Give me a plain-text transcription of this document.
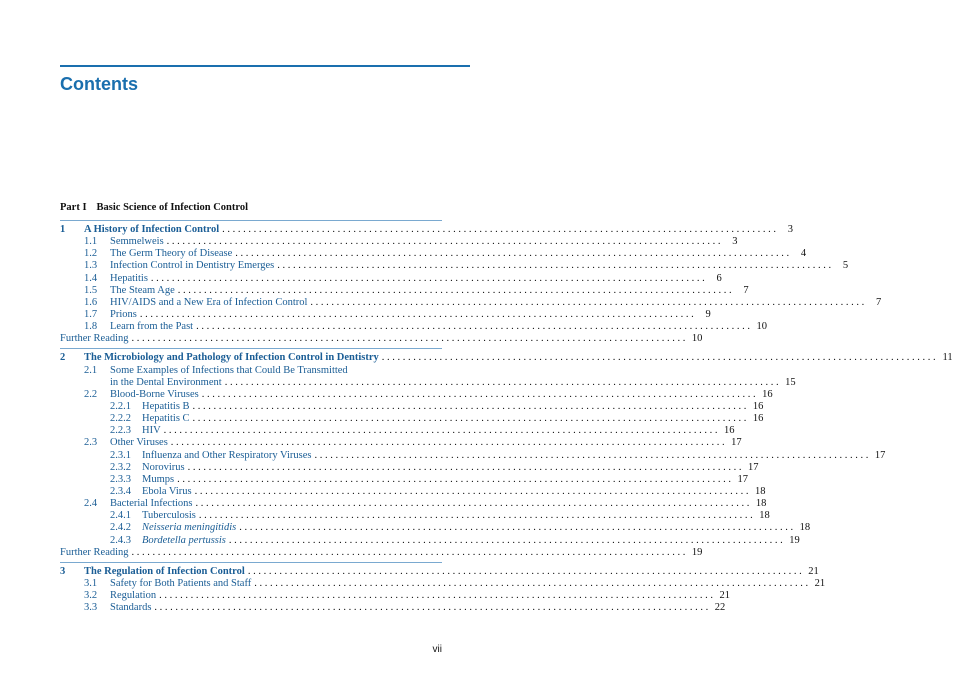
Contents
Part I Basic Science of Infection Control
1	A History of Infection Control . . .	3
1.1	Semmelweis . . .	3
1.2	The Germ Theory of Disease . . .	4
1.3	Infection Control in Dentistry Emerges . . .	5
1.4	Hepatitis . . .	6
1.5	The Steam Age . . .	7
1.6	HIV/AIDS and a New Era of Infection Control . . .	7
1.7	Prions . . .	9
1.8	Learn from the Past . . .	10
Further Reading . . .	10
2	The Microbiology and Pathology of Infection Control in Dentistry . . .	11
2.1	Some Examples of Infections that Could Be Transmitted
in the Dental Environment . . .	15
2.2	Blood-Borne Viruses . . .	16
2.2.1	Hepatitis B . . .	16
2.2.2	Hepatitis C . . .	16
2.2.3	HIV . . .	16
2.3	Other Viruses . . .	17
2.3.1	Influenza and Other Respiratory Viruses . . .	17
2.3.2	Norovirus . . .	17
2.3.3	Mumps . . .	17
2.3.4	Ebola Virus . . .	18
2.4	Bacterial Infections . . .	18
2.4.1	Tuberculosis . . .	18
2.4.2	Neisseria meningitidis . . .	18
2.4.3	Bordetella pertussis . . .	19
Further Reading . . .	19
3	The Regulation of Infection Control . . .	21
3.1	Safety for Both Patients and Staff . . .	21
3.2	Regulation . . .	21
3.3	Standards . . .	22
vii
